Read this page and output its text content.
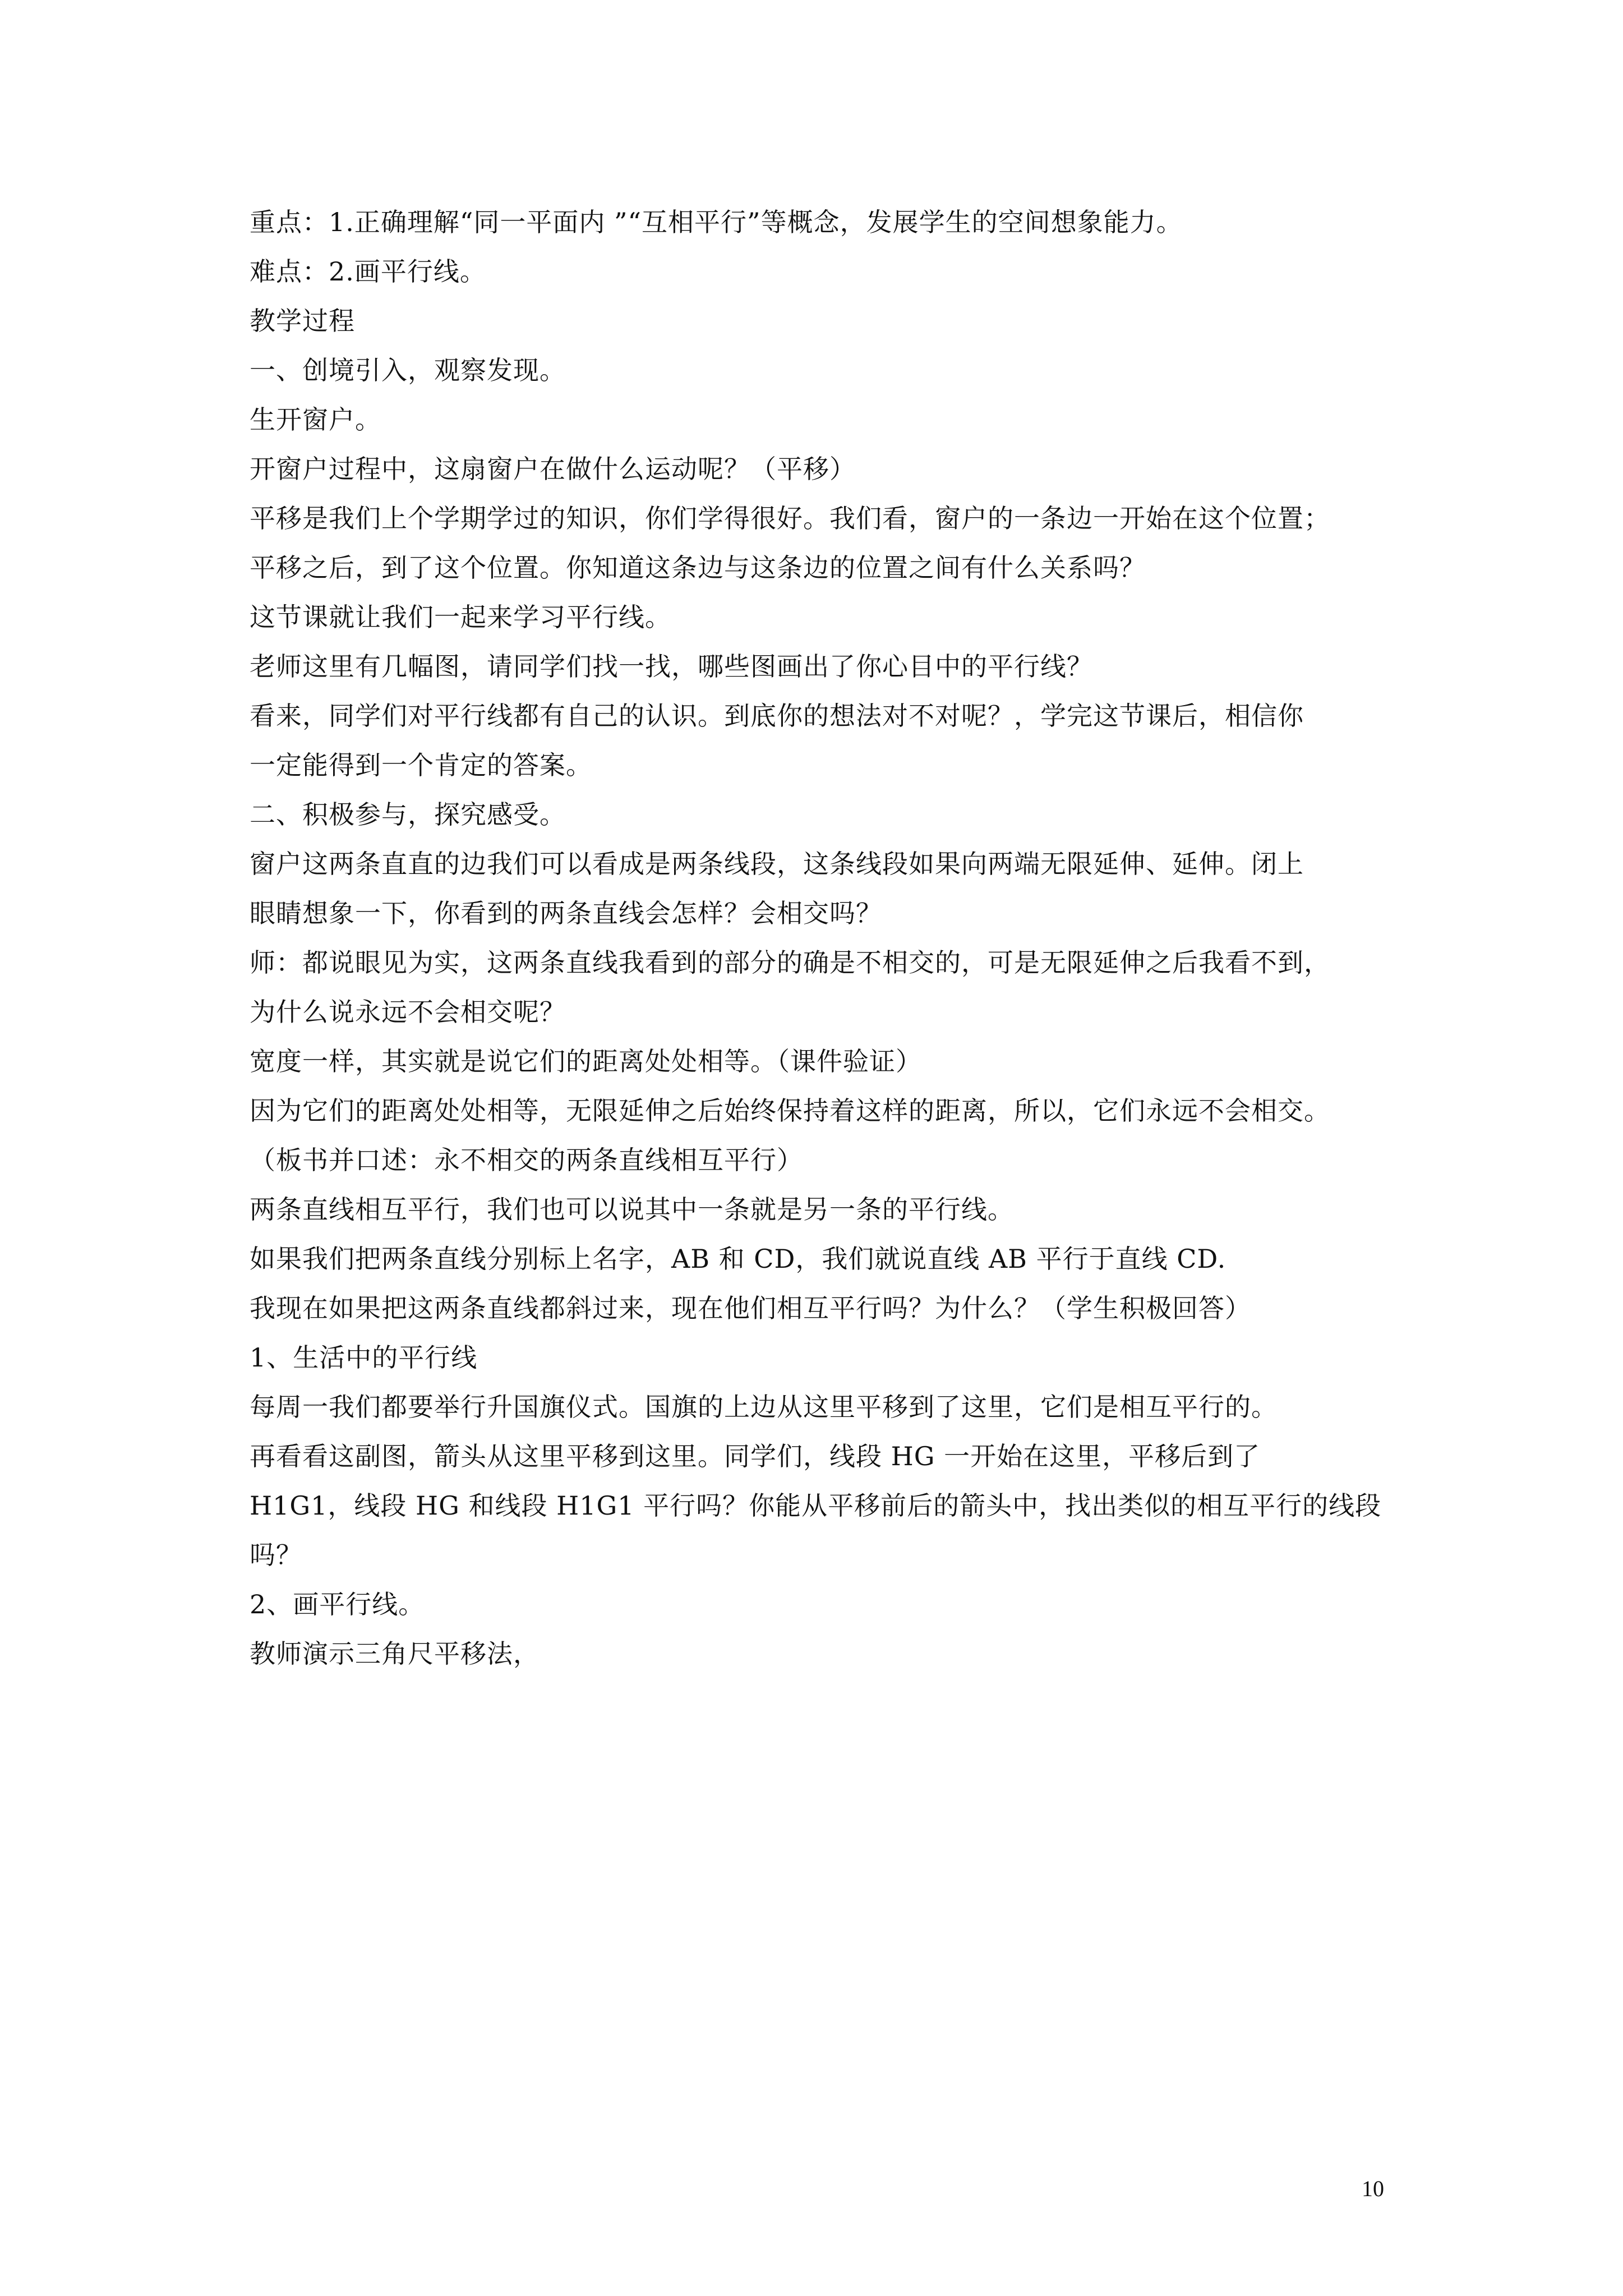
重点：1.正确理解“同一平面内 ”“互相平行”等概念，发展学生的空间想象能力。
难点：2.画平行线。
教学过程
一、创境引入，观察发现。
生开窗户。
开窗户过程中，这扇窗户在做什么运动呢？（平移）
平移是我们上个学期学过的知识，你们学得很好。我们看，窗户的一条边一开始在这个位置；
平移之后，到了这个位置。你知道这条边与这条边的位置之间有什么关系吗？
这节课就让我们一起来学习平行线。
老师这里有几幅图，请同学们找一找，哪些图画出了你心目中的平行线？
看来，同学们对平行线都有自己的认识。到底你的想法对不对呢？，学完这节课后，相信你
一定能得到一个肯定的答案。
二、积极参与，探究感受。
窗户这两条直直的边我们可以看成是两条线段，这条线段如果向两端无限延伸、延伸。闭上
眼睛想象一下，你看到的两条直线会怎样？会相交吗？
师：都说眼见为实，这两条直线我看到的部分的确是不相交的，可是无限延伸之后我看不到，
为什么说永远不会相交呢？
宽度一样，其实就是说它们的距离处处相等。（课件验证）
因为它们的距离处处相等，无限延伸之后始终保持着这样的距离，所以，它们永远不会相交。
（板书并口述：永不相交的两条直线相互平行）
两条直线相互平行，我们也可以说其中一条就是另一条的平行线。
如果我们把两条直线分别标上名字，AB 和 CD，我们就说直线 AB 平行于直线 CD.
我现在如果把这两条直线都斜过来，现在他们相互平行吗？为什么？（学生积极回答）
1、生活中的平行线
每周一我们都要举行升国旗仪式。国旗的上边从这里平移到了这里，它们是相互平行的。
再看看这副图，箭头从这里平移到这里。同学们，线段 HG 一开始在这里，平移后到了
H1G1，线段 HG 和线段 H1G1 平行吗？你能从平移前后的箭头中，找出类似的相互平行的线段
吗？
2、画平行线。
教师演示三角尺平移法，
10
